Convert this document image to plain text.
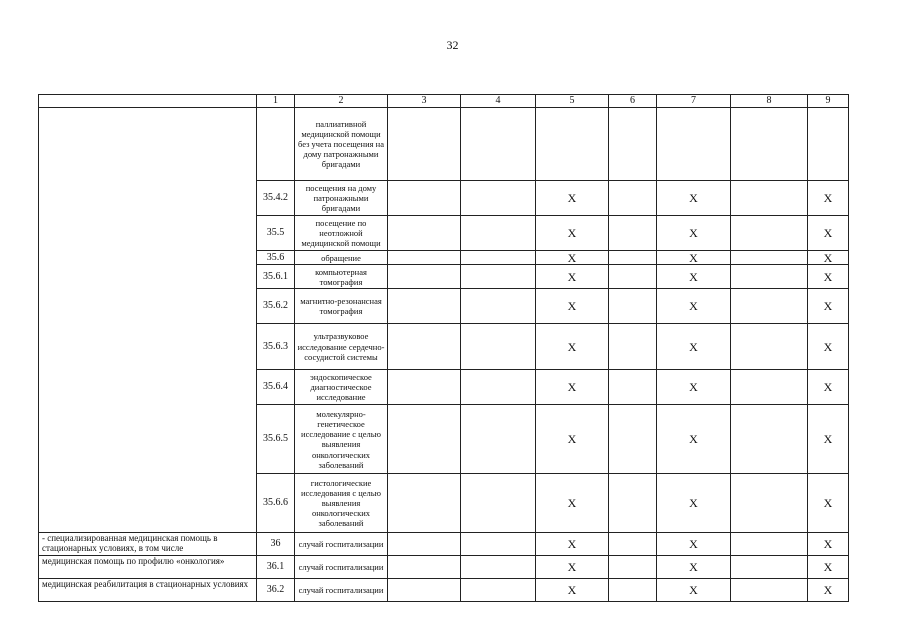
32
	1	2	3	4	5	6	7	8	9
		паллиативной медицинской помощи без учета посещения на дому патронажными бригадами							
	35.4.2	посещения на дому патронажными бригадами			X		X		X
	35.5	посещение по неотложной медицинской помощи			X		X		X
	35.6	обращение			X		X		X
	35.6.1	компьютерная томография			X		X		X
	35.6.2	магнитно-резонансная томография			X		X		X
	35.6.3	ультразвуковое исследование сердечно-сосудистой системы			X		X		X
	35.6.4	эндоскопическое диагностическое исследование			X		X		X
	35.6.5	молекулярно-генетическое исследование с целью выявления онкологических заболеваний			X		X		X
	35.6.6	гистологические исследования с целью выявления онкологических заболеваний			X		X		X
- специализированная медицинская помощь в стационарных условиях, в том числе	36	случай госпитализации			X		X		X
медицинская помощь по профилю «онкология»	36.1	случай госпитализации			X		X		X
медицинская реабилитация в стационарных условиях	36.2	случай госпитализации			X		X		X
